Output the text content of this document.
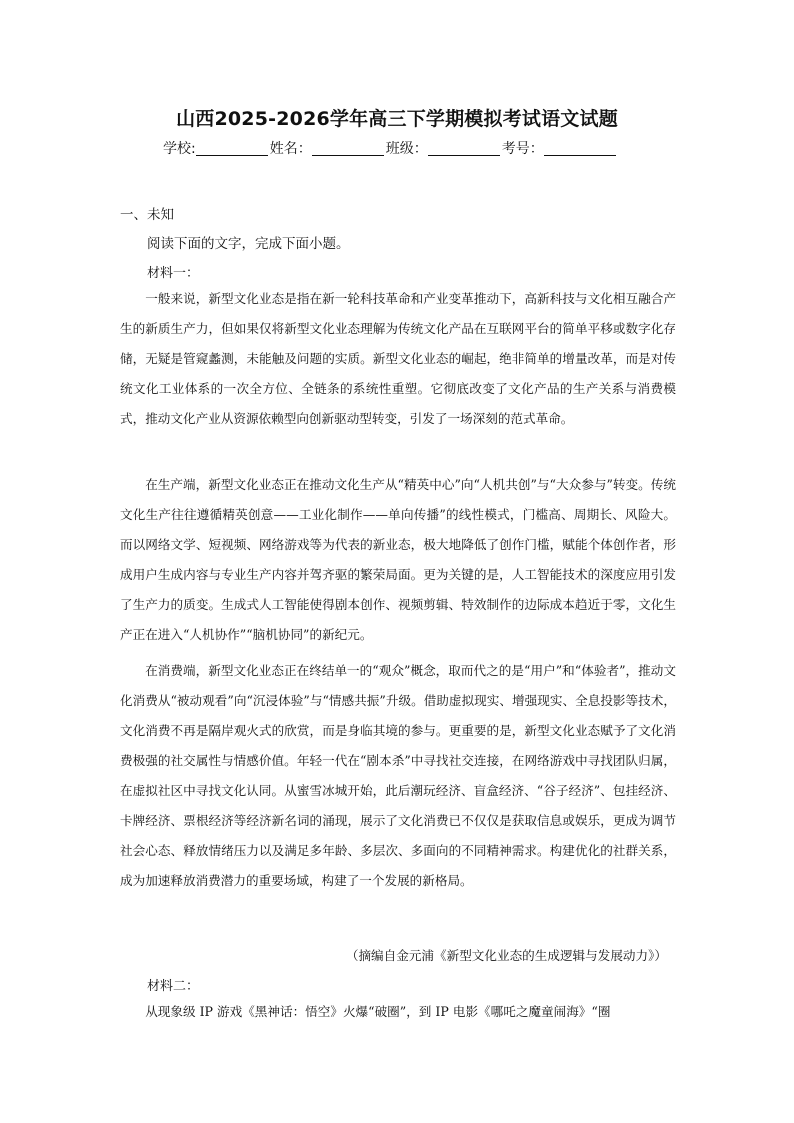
山西2025-2026学年高三下学期模拟考试语文试题
学校:	姓名：	班级：	考号：
一、未知
阅读下面的文字，完成下面小题。
材料一：

一般来说，新型文化业态是指在新一轮科技革命和产业变革推动下，高新科技与文化相互融合产生的新质生产力，但如果仅将新型文化业态理解为传统文化产品在互联网平台的简单平移或数字化存储，无疑是管窥蠡测，未能触及问题的实质。新型文化业态的崛起，绝非简单的增量改革，而是对传统文化工业体系的一次全方位、全链条的系统性重塑。它彻底改变了文化产品的生产关系与消费模式，推动文化产业从资源依赖型向创新驱动型转变，引发了一场深刻的范式革命。

在生产端，新型文化业态正在推动文化生产从“精英中心”向“人机共创”与“大众参与”转变。传统文化生产往往遵循精英创意——工业化制作——单向传播”的线性模式，门槛高、周期长、风险大。而以网络文学、短视频、网络游戏等为代表的新业态，极大地降低了创作门槛，赋能个体创作者，形成用户生成内容与专业生产内容并驾齐驱的繁荣局面。更为关键的是，人工智能技术的深度应用引发了生产力的质变。生成式人工智能使得剧本创作、视频剪辑、特效制作的边际成本趋近于零，文化生产正在进入“人机协作”“脑机协同”的新纪元。

在消费端，新型文化业态正在终结单一的“观众”概念，取而代之的是“用户”和“体验者”，推动文化消费从“被动观看”向“沉浸体验”与“情感共振”升级。借助虚拟现实、增强现实、全息投影等技术，文化消费不再是隔岸观火式的欣赏，而是身临其境的参与。更重要的是，新型文化业态赋予了文化消费极强的社交属性与情感价值。年轻一代在“剧本杀”中寻找社交连接，在网络游戏中寻找团队归属，在虚拟社区中寻找文化认同。从蜜雪冰城开始，此后潮玩经济、盲盒经济、“谷子经济”、包挂经济、卡牌经济、票根经济等经济新名词的涌现，展示了文化消费已不仅仅是获取信息或娱乐，更成为调节社会心态、释放情绪压力以及满足多年龄、多层次、多面向的不同精神需求。构建优化的社群关系，成为加速释放消费潜力的重要场域，构建了一个发展的新格局。

（摘编自金元浦《新型文化业态的生成逻辑与发展动力》）
材料二：

从现象级 IP 游戏《黑神话：悟空》火爆“破圈”，到 IP 电影《哪吒之魔童闹海》“圈
